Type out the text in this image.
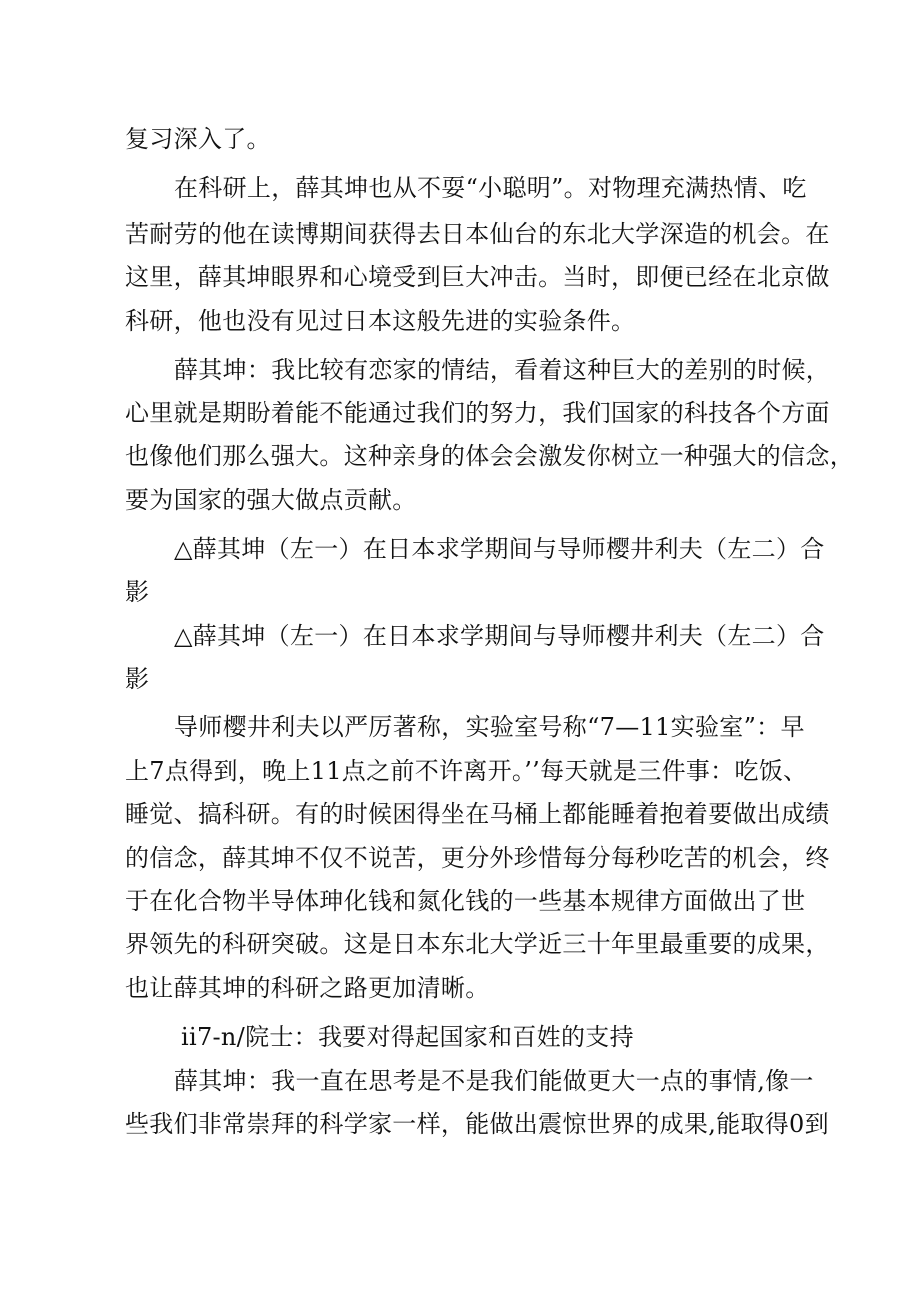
复习深入了。
在科研上，薛其坤也从不耍“小聪明”。对物理充满热情、吃
苦耐劳的他在读博期间获得去日本仙台的东北大学深造的机会。在
这里，薛其坤眼界和心境受到巨大冲击。当时，即便已经在北京做
科研，他也没有见过日本这般先进的实验条件。
薛其坤：我比较有恋家的情结，看着这种巨大的差别的时候，
心里就是期盼着能不能通过我们的努力，我们国家的科技各个方面
也像他们那么强大。这种亲身的体会会激发你树立一种强大的信念，
要为国家的强大做点贡献。
△薛其坤（左一）在日本求学期间与导师樱井利夫（左二）合
影
△薛其坤（左一）在日本求学期间与导师樱井利夫（左二）合
影
导师樱井利夫以严厉著称，实验室号称“7—11实验室”：早
上7点得到，晚上11点之前不许离开。’’每天就是三件事：吃饭、
睡觉、搞科研。有的时候困得坐在马桶上都能睡着抱着要做出成绩
的信念，薛其坤不仅不说苦，更分外珍惜每分每秒吃苦的机会，终
于在化合物半导体珅化钱和氮化钱的一些基本规律方面做出了世
界领先的科研突破。这是日本东北大学近三十年里最重要的成果，
也让薛其坤的科研之路更加清晰。
ii7-n/院士：我要对得起国家和百姓的支持
薛其坤：我一直在思考是不是我们能做更大一点的事情,像一
些我们非常崇拜的科学家一样，能做出震惊世界的成果,能取得0到
